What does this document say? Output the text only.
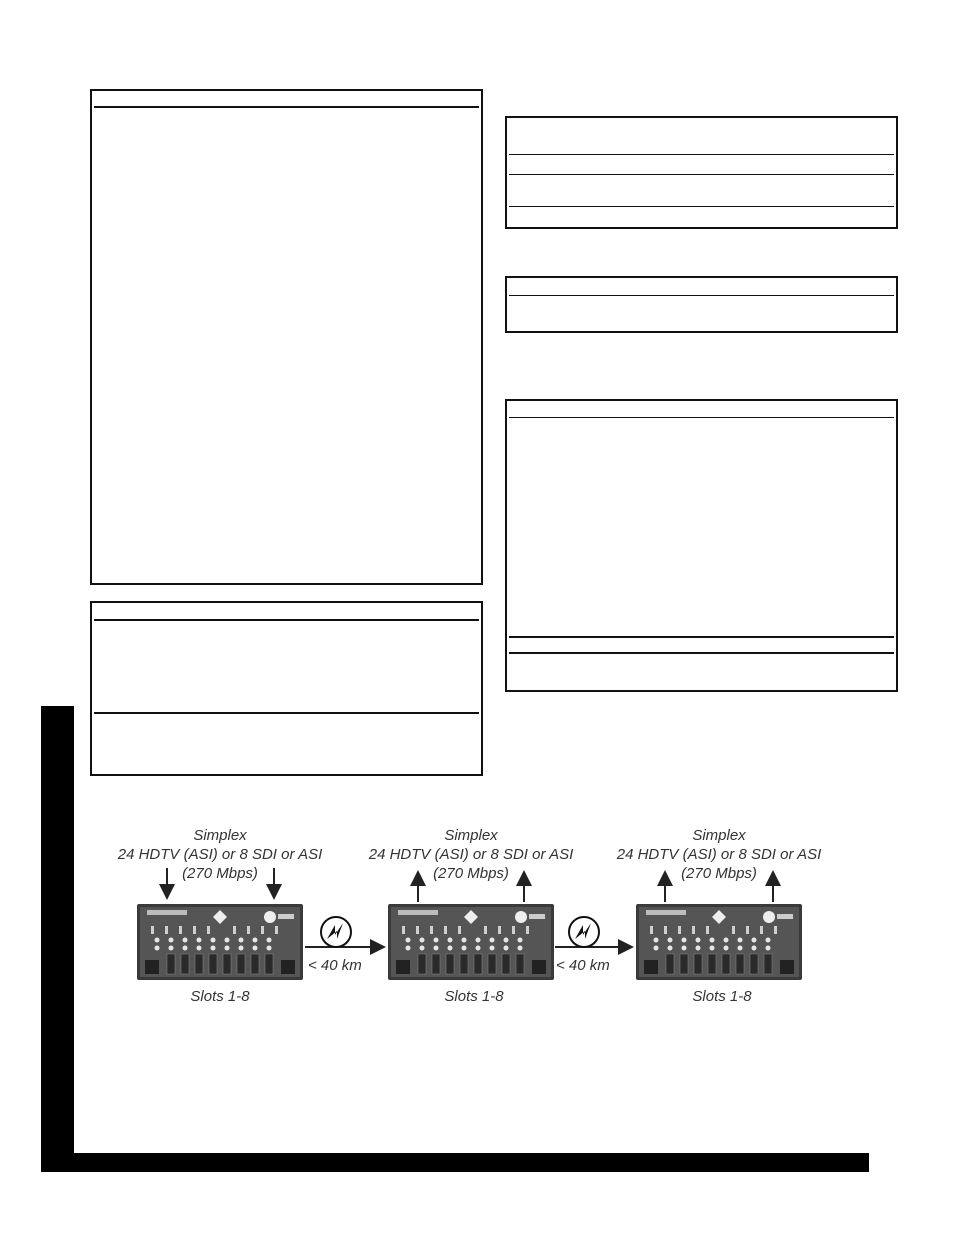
Simplex
24 HDTV (ASI) or 8 SDI or ASI
(270 Mbps)
Simplex
24 HDTV (ASI) or 8 SDI or ASI
(270 Mbps)
Simplex
24 HDTV (ASI) or 8 SDI or ASI
(270 Mbps)
Slots 1-8	Slots 1-8	Slots 1-8
< 40 km	< 40 km
